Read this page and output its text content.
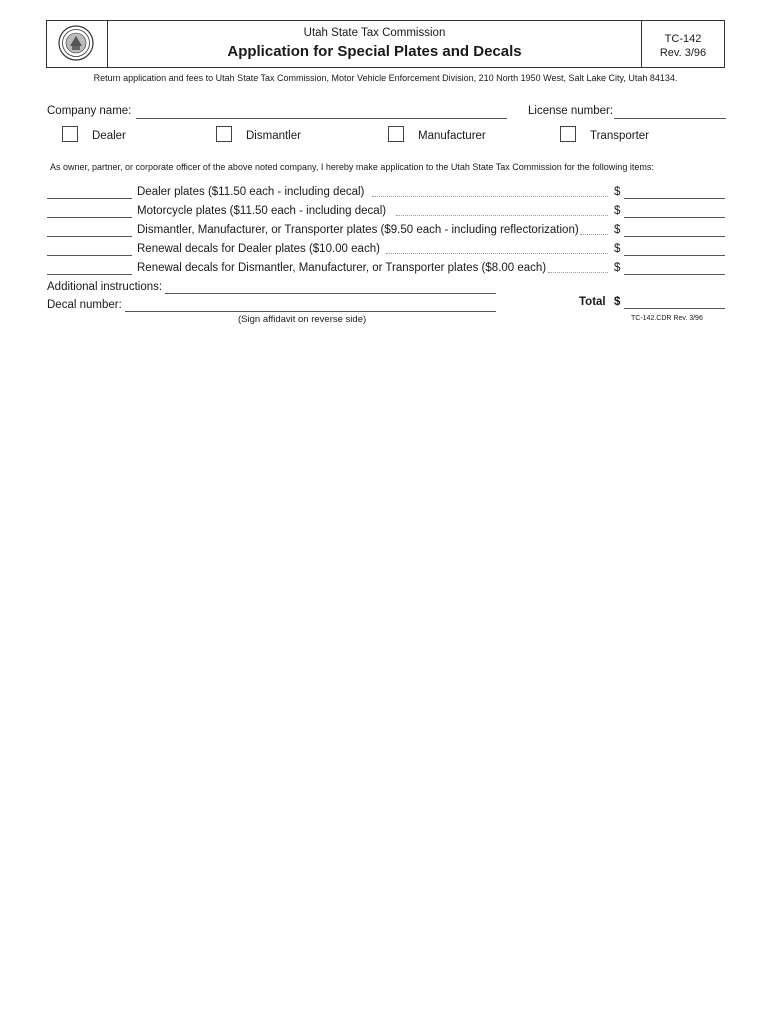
Utah State Tax Commission
Application for Special Plates and Decals
TC-142
Rev. 3/96
Return application and fees to Utah State Tax Commission, Motor Vehicle Enforcement Division, 210 North 1950 West, Salt Lake City, Utah 84134.
Company name:	License number:
Dealer	Dismantler	Manufacturer	Transporter
As owner, partner, or corporate officer of the above noted company, I hereby make application to the Utah State Tax Commission for the following items:
Dealer plates ($11.50 each - including decal)	$
Motorcycle plates ($11.50 each - including decal)	$
Dismantler, Manufacturer, or Transporter plates ($9.50 each - including reflectorization)	$
Renewal decals for Dealer plates ($10.00 each)	$
Renewal decals for Dismantler, Manufacturer, or Transporter plates ($8.00 each)	$
Additional instructions:
Decal number:	Total $
(Sign affidavit on reverse side)	TC-142.CDR Rev. 3/96
